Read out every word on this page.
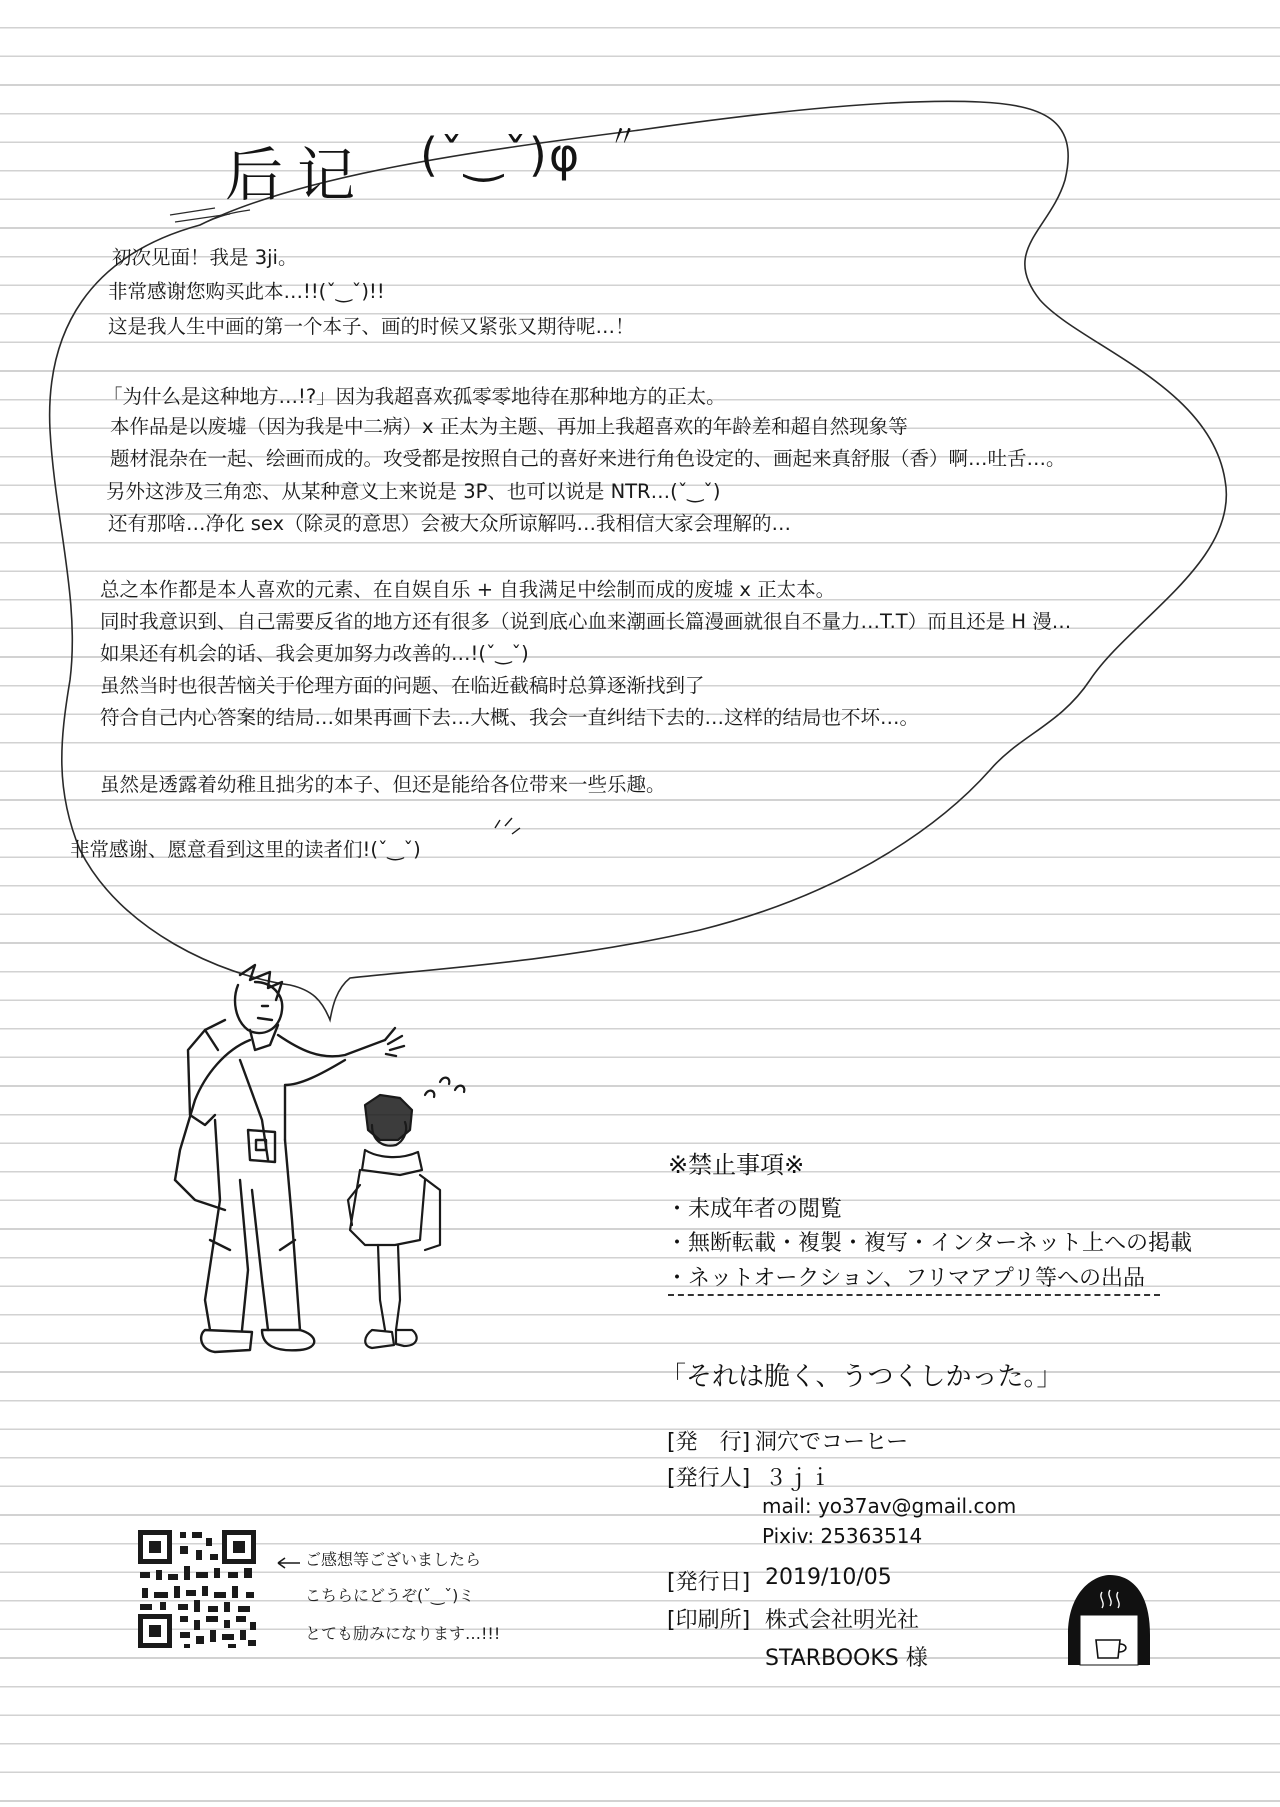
后记 (ˇ‿ˇ)φ 〃
初次见面！我是 3ji。
非常感谢您购买此本…!!(ˇ‿ˇ)!!
这是我人生中画的第一个本子、画的时候又紧张又期待呢…！
「为什么是这种地方…!?」因为我超喜欢孤零零地待在那种地方的正太。
本作品是以废墟（因为我是中二病）x 正太为主题、再加上我超喜欢的年龄差和超自然现象等
题材混杂在一起、绘画而成的。攻受都是按照自己的喜好来进行角色设定的、画起来真舒服（香）啊…吐舌…。
另外这涉及三角恋、从某种意义上来说是 3P、也可以说是 NTR…(ˇ‿ˇ)
还有那啥…净化 sex（除灵的意思）会被大众所谅解吗…我相信大家会理解的…
总之本作都是本人喜欢的元素、在自娱自乐 + 自我满足中绘制而成的废墟 x 正太本。
同时我意识到、自己需要反省的地方还有很多（说到底心血来潮画长篇漫画就很自不量力…T.T）而且还是 H 漫…
如果还有机会的话、我会更加努力改善的…!(ˇ‿ˇ)
虽然当时也很苦恼关于伦理方面的问题、在临近截稿时总算逐渐找到了
符合自己内心答案的结局…如果再画下去…大概、我会一直纠结下去的…这样的结局也不坏…。
虽然是透露着幼稚且拙劣的本子、但还是能给各位带来一些乐趣。
非常感谢、愿意看到这里的读者们!(ˇ‿ˇ)
※禁止事項※
・未成年者の閲覧
・無断転載・複製・複写・インターネット上への掲載
・ネットオークション、フリマアプリ等への出品
「それは脆く、うつくしかった。」
[発　行] 洞穴でコーヒー
[発行人] ３ｊｉ
mail: yo37av@gmail.com
Pixiv: 25363514
[発行日] 2019/10/05
[印刷所] 株式会社明光社
STARBOOKS 様
ご感想等ございましたら
こちらにどうぞ(ˇ‿ˇ)ミ
とても励みになります…!!!
